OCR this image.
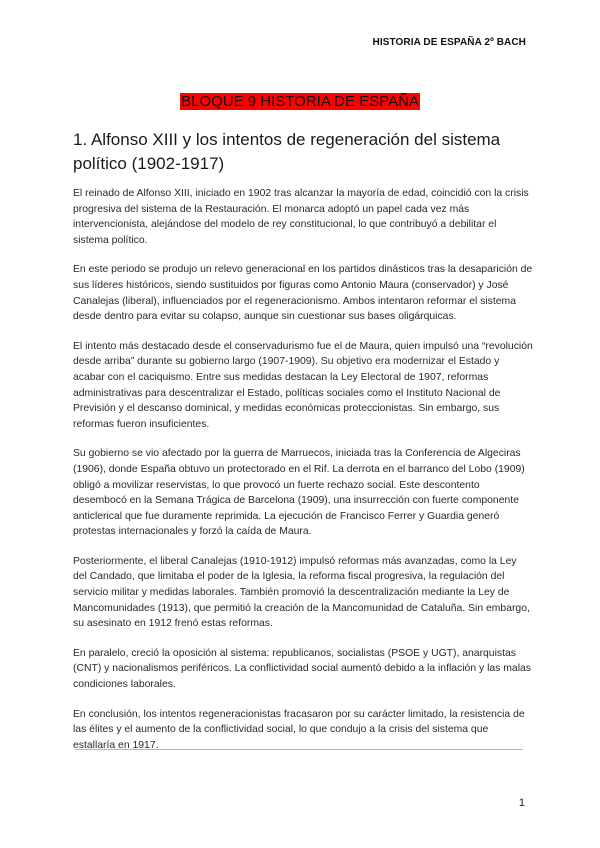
HISTORIA DE ESPAÑA 2º BACH
BLOQUE 9 HISTORIA DE ESPAÑA
1. Alfonso XIII y los intentos de regeneración del sistema político (1902-1917)

El reinado de Alfonso XIII, iniciado en 1902 tras alcanzar la mayoría de edad, coincidió con la crisis progresiva del sistema de la Restauración. El monarca adoptó un papel cada vez más intervencionista, alejándose del modelo de rey constitucional, lo que contribuyó a debilitar el sistema político.

En este periodo se produjo un relevo generacional en los partidos dinásticos tras la desaparición de sus líderes históricos, siendo sustituidos por figuras como Antonio Maura (conservador) y José Canalejas (liberal), influenciados por el regeneracionismo. Ambos intentaron reformar el sistema desde dentro para evitar su colapso, aunque sin cuestionar sus bases oligárquicas.

El intento más destacado desde el conservadurismo fue el de Maura, quien impulsó una “revolución desde arriba” durante su gobierno largo (1907-1909). Su objetivo era modernizar el Estado y acabar con el caciquismo. Entre sus medidas destacan la Ley Electoral de 1907, reformas administrativas para descentralizar el Estado, políticas sociales como el Instituto Nacional de Previsión y el descanso dominical, y medidas económicas proteccionistas. Sin embargo, sus reformas fueron insuficientes.

Su gobierno se vio afectado por la guerra de Marruecos, iniciada tras la Conferencia de Algeciras (1906), donde España obtuvo un protectorado en el Rif. La derrota en el barranco del Lobo (1909) obligó a movilizar reservistas, lo que provocó un fuerte rechazo social. Este descontento desembocó en la Semana Trágica de Barcelona (1909), una insurrección con fuerte componente anticlerical que fue duramente reprimida. La ejecución de Francisco Ferrer y Guardia generó protestas internacionales y forzó la caída de Maura.

Posteriormente, el liberal Canalejas (1910-1912) impulsó reformas más avanzadas, como la Ley del Candado, que limitaba el poder de la Iglesia, la reforma fiscal progresiva, la regulación del servicio militar y medidas laborales. También promovió la descentralización mediante la Ley de Mancomunidades (1913), que permitió la creación de la Mancomunidad de Cataluña. Sin embargo, su asesinato en 1912 frenó estas reformas.

En paralelo, creció la oposición al sistema: republicanos, socialistas (PSOE y UGT), anarquistas (CNT) y nacionalismos periféricos. La conflictividad social aumentó debido a la inflación y las malas condiciones laborales.

En conclusión, los intentos regeneracionistas fracasaron por su carácter limitado, la resistencia de las élites y el aumento de la conflictividad social, lo que condujo a la crisis del sistema que estallaría en 1917.

1
